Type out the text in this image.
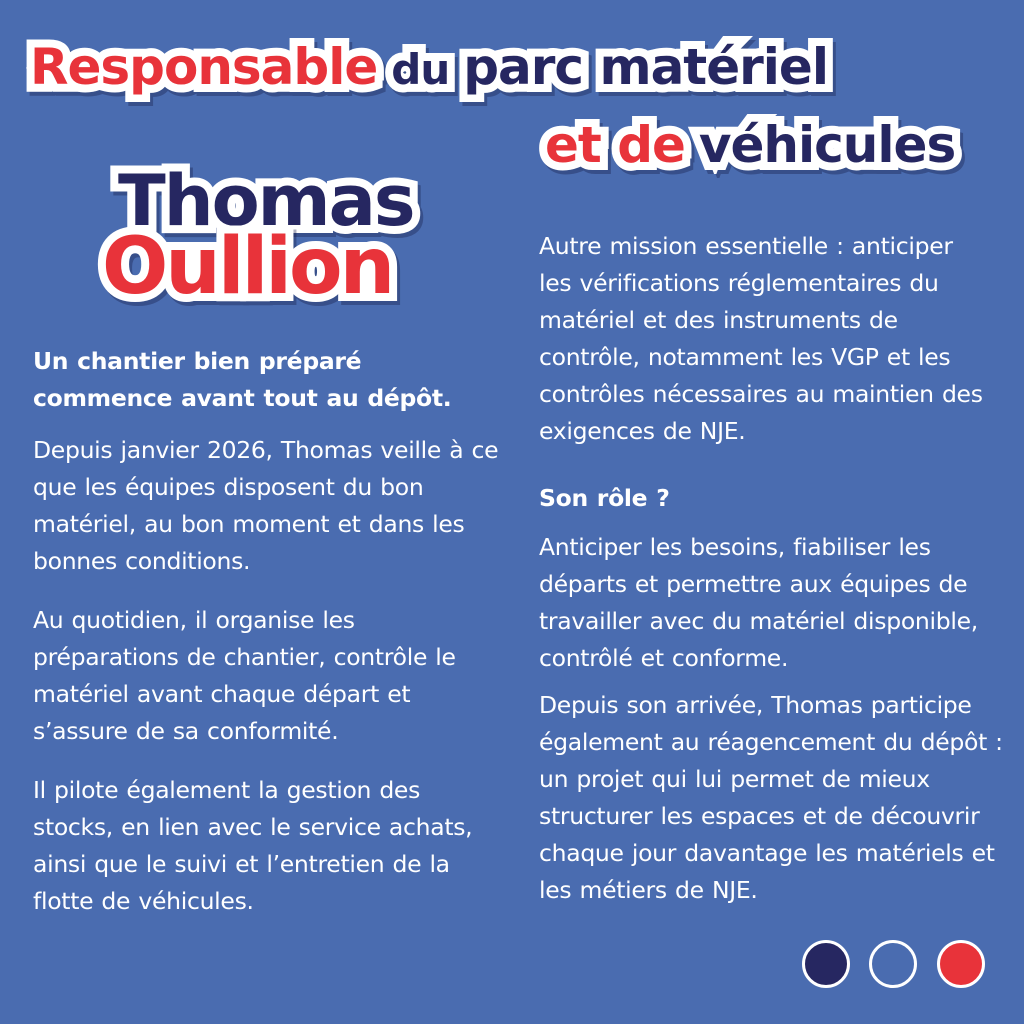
Responsable du parc matériel
et de véhicules
Thomas
Oullion

Un chantier bien préparé commence avant tout au dépôt.

Depuis janvier 2026, Thomas veille à ce que les équipes disposent du bon matériel, au bon moment et dans les bonnes conditions.

Au quotidien, il organise les préparations de chantier, contrôle le matériel avant chaque départ et s’assure de sa conformité.

Il pilote également la gestion des stocks, en lien avec le service achats, ainsi que le suivi et l’entretien de la flotte de véhicules.

Autre mission essentielle : anticiper les vérifications réglementaires du matériel et des instruments de contrôle, notamment les VGP et les contrôles nécessaires au maintien des exigences de NJE.

Son rôle ?

Anticiper les besoins, fiabiliser les départs et permettre aux équipes de travailler avec du matériel disponible, contrôlé et conforme.

Depuis son arrivée, Thomas participe également au réagencement du dépôt : un projet qui lui permet de mieux structurer les espaces et de découvrir chaque jour davantage les matériels et les métiers de NJE.
